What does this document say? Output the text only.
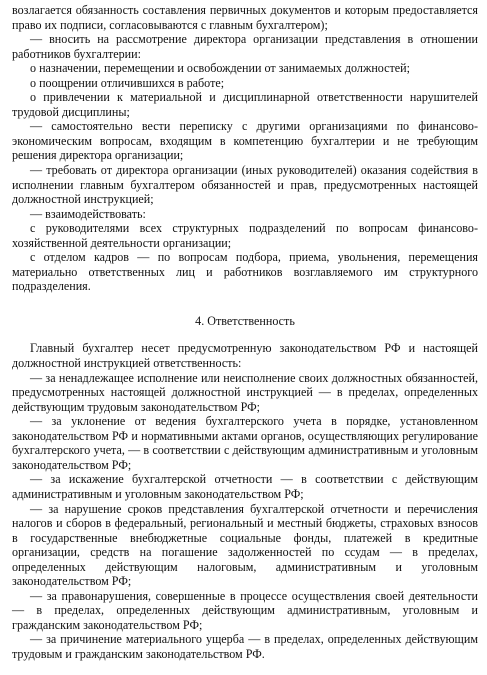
возлагается обязанность составления первичных документов и которым предоставляется право их подписи, согласовываются с главным бухгалтером);

— вносить на рассмотрение директора организации представления в отношении работников бухгалтерии:

о назначении, перемещении и освобождении от занимаемых должностей;

о поощрении отличившихся в работе;

о привлечении к материальной и дисциплинарной ответственности нарушителей трудовой дисциплины;

— самостоятельно вести переписку с другими организациями по финансово-экономическим вопросам, входящим в компетенцию бухгалтерии и не требующим решения директора организации;

— требовать от директора организации (иных руководителей) оказания содействия в исполнении главным бухгалтером обязанностей и прав, предусмотренных настоящей должностной инструкцией;

— взаимодействовать:

с руководителями всех структурных подразделений по вопросам финансово-хозяйственной деятельности организации;

с отделом кадров — по вопросам подбора, приема, увольнения, перемещения материально ответственных лиц и работников возглавляемого им структурного подразделения.

4. Ответственность

Главный бухгалтер несет предусмотренную законодательством РФ и настоящей должностной инструкцией ответственность:

— за ненадлежащее исполнение или неисполнение своих должностных обязанностей, предусмотренных настоящей должностной инструкцией — в пределах, определенных действующим трудовым законодательством РФ;

— за уклонение от ведения бухгалтерского учета в порядке, установленном законодательством РФ и нормативными актами органов, осуществляющих регулирование бухгалтерского учета, — в соответствии с действующим административным и уголовным законодательством РФ;

— за искажение бухгалтерской отчетности — в соответствии с действующим административным и уголовным законодательством РФ;

— за нарушение сроков представления бухгалтерской отчетности и перечисления налогов и сборов в федеральный, региональный и местный бюджеты, страховых взносов в государственные внебюджетные социальные фонды, платежей в кредитные организации, средств на погашение задолженностей по ссудам — в пределах, определенных действующим налоговым, административным и уголовным законодательством РФ;

— за правонарушения, совершенные в процессе осуществления своей деятельности — в пределах, определенных действующим административным, уголовным и гражданским законодательством РФ;

— за причинение материального ущерба — в пределах, определенных действующим трудовым и гражданским законодательством РФ.
